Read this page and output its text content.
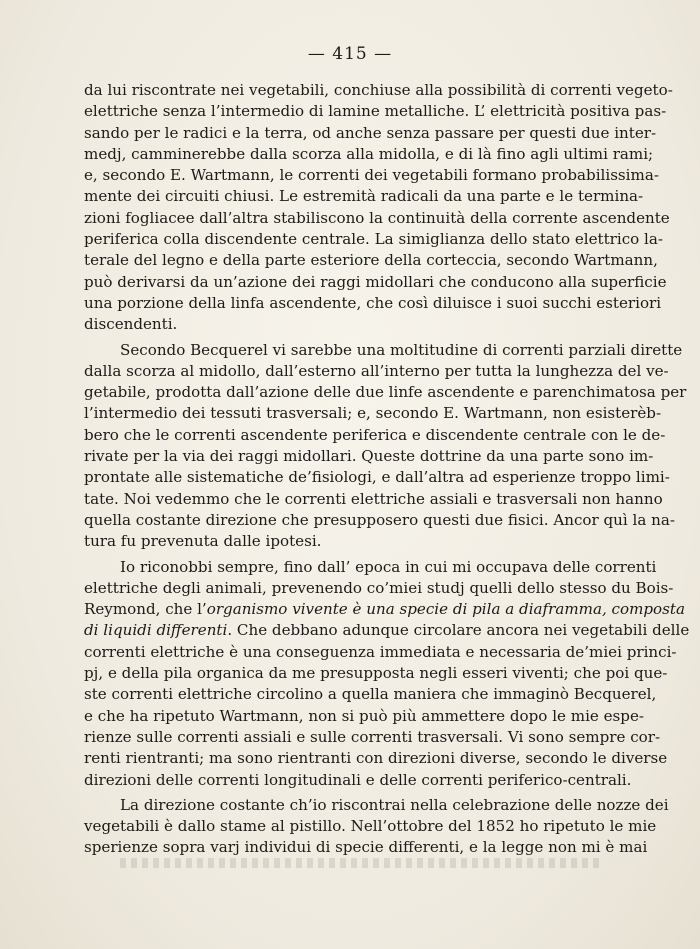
— 415 —
da lui riscontrate nei vegetabili, conchiuse alla possibilità di correnti vegeto-
elettriche senza l’intermedio di lamine metalliche. L’ elettricità positiva pas-
sando per le radici e la terra, od anche senza passare per questi due inter-
medj, camminerebbe dalla scorza alla midolla, e di là fino agli ultimi rami;
e, secondo E. Wartmann, le correnti dei vegetabili formano probabilissima-
mente dei circuiti chiusi. Le estremità radicali da una parte e le termina-
zioni fogliacee dall’altra stabiliscono la continuità della corrente ascendente
periferica colla discendente centrale. La simiglianza dello stato elettrico la-
terale del legno e della parte esteriore della corteccia, secondo Wartmann,
può derivarsi da un’azione dei raggi midollari che conducono alla superficie
una porzione della linfa ascendente, che così diluisce i suoi succhi esteriori
discendenti.
Secondo Becquerel vi sarebbe una moltitudine di correnti parziali dirette
dalla scorza al midollo, dall’esterno all’interno per tutta la lunghezza del ve-
getabile, prodotta dall’azione delle due linfe ascendente e parenchimatosa per
l’intermedio dei tessuti trasversali; e, secondo E. Wartmann, non esisterèb-
bero che le correnti ascendente periferica e discendente centrale con le de-
rivate per la via dei raggi midollari. Queste dottrine da una parte sono im-
prontate alle sistematiche de’fisiologi, e dall’altra ad esperienze troppo limi-
tate. Noi vedemmo che le correnti elettriche assiali e trasversali non hanno
quella costante direzione che presupposero questi due fisici. Ancor quì la na-
tura fu prevenuta dalle ipotesi.
Io riconobbi sempre, fino dall’ epoca in cui mi occupava delle correnti
elettriche degli animali, prevenendo co’miei studj quelli dello stesso du Bois-
Reymond, che l’organismo vivente è una specie di pila a diaframma, composta
di liquidi differenti. Che debbano adunque circolare ancora nei vegetabili delle
correnti elettriche è una conseguenza immediata e necessaria de’miei princi-
pj, e della pila organica da me presupposta negli esseri viventi; che poi que-
ste correnti elettriche circolino a quella maniera che immaginò Becquerel,
e che ha ripetuto Wartmann, non si può più ammettere dopo le mie espe-
rienze sulle correnti assiali e sulle correnti trasversali. Vi sono sempre cor-
renti rientranti; ma sono rientranti con direzioni diverse, secondo le diverse
direzioni delle correnti longitudinali e delle correnti periferico-centrali.
La direzione costante ch’io riscontrai nella celebrazione delle nozze dei
vegetabili è dallo stame al pistillo. Nell’ottobre del 1852 ho ripetuto le mie
sperienze sopra varj individui di specie differenti, e la legge non mi è mai
